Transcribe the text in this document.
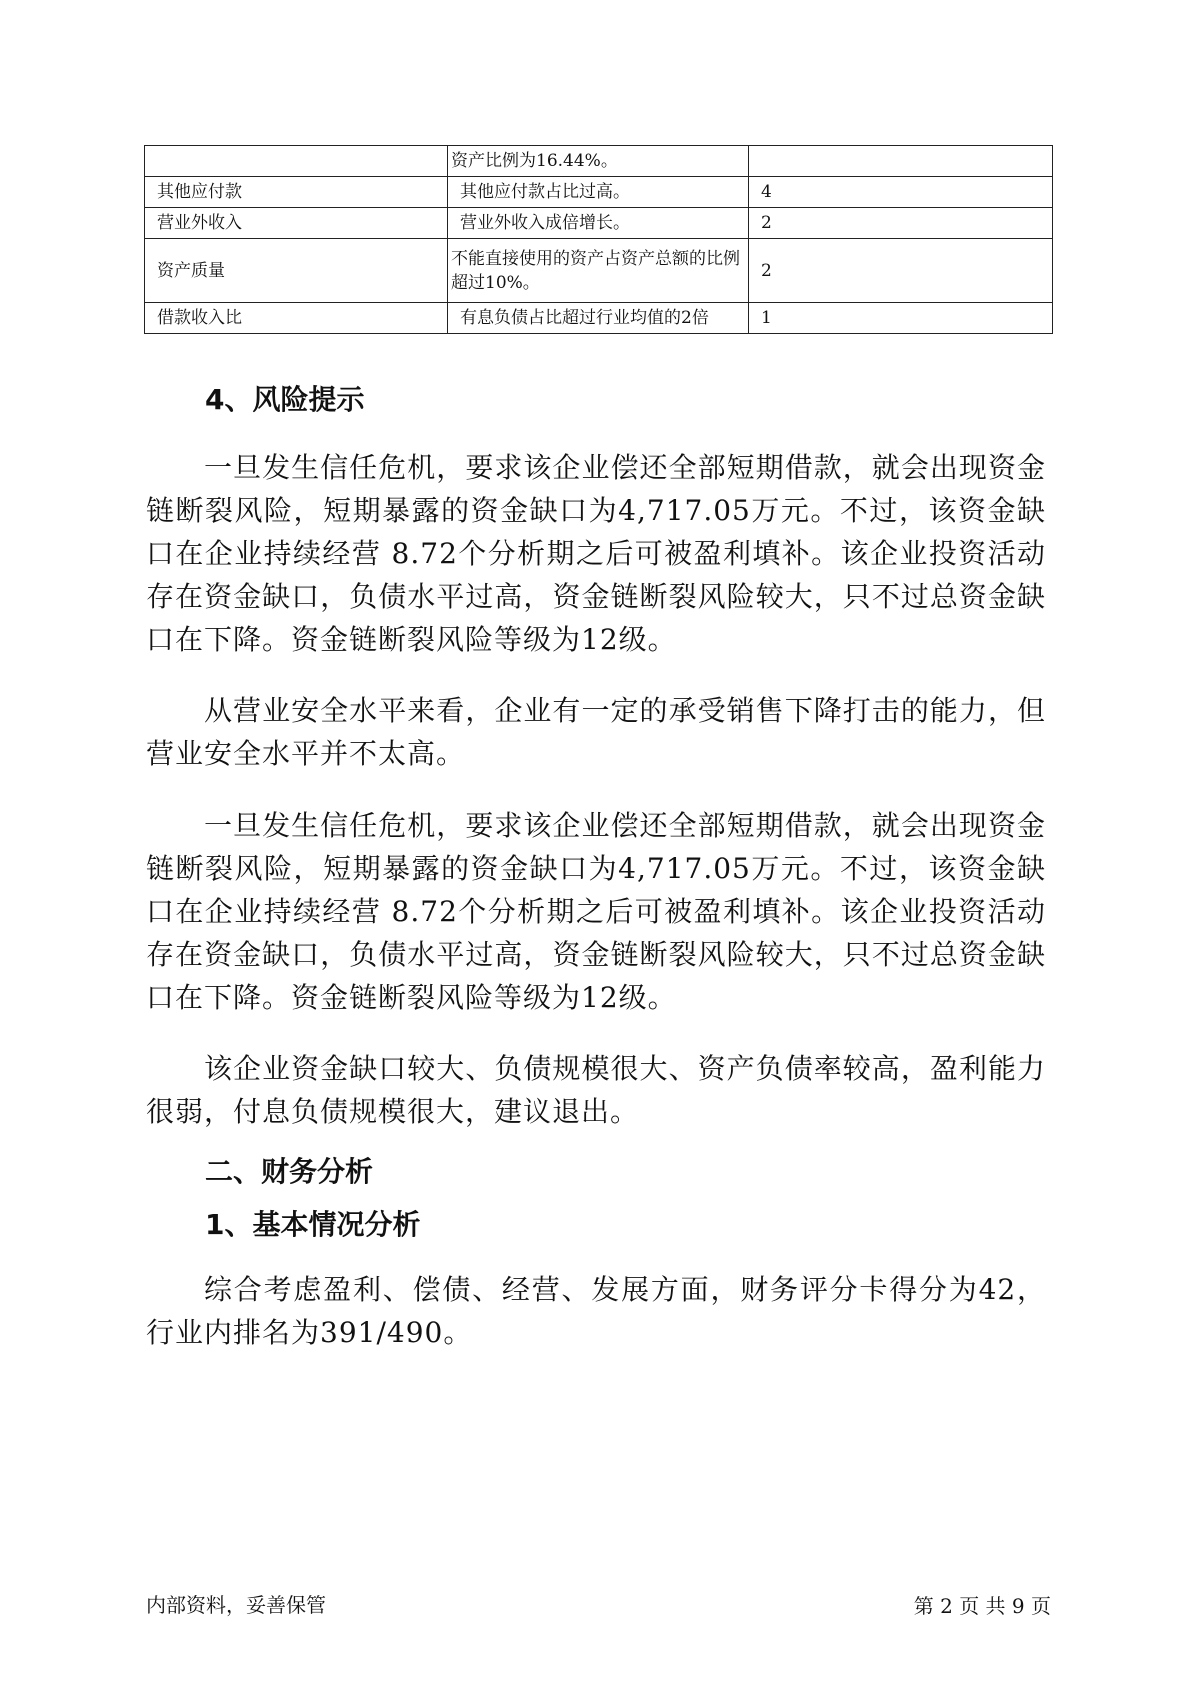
	资产比例为16.44%。	
其他应付款	其他应付款占比过高。	4
营业外收入	营业外收入成倍增长。	2
资产质量	不能直接使用的资产占资产总额的比例超过10%。	2
借款收入比	有息负债占比超过行业均值的2倍	1
4、风险提示

一旦发生信任危机，要求该企业偿还全部短期借款，就会出现资金链断裂风险，短期暴露的资金缺口为4,717.05万元。不过，该资金缺口在企业持续经营 8.72个分析期之后可被盈利填补。该企业投资活动存在资金缺口，负债水平过高，资金链断裂风险较大，只不过总资金缺口在下降。资金链断裂风险等级为12级。

从营业安全水平来看，企业有一定的承受销售下降打击的能力，但营业安全水平并不太高。

一旦发生信任危机，要求该企业偿还全部短期借款，就会出现资金链断裂风险，短期暴露的资金缺口为4,717.05万元。不过，该资金缺口在企业持续经营 8.72个分析期之后可被盈利填补。该企业投资活动存在资金缺口，负债水平过高，资金链断裂风险较大，只不过总资金缺口在下降。资金链断裂风险等级为12级。

该企业资金缺口较大、负债规模很大、资产负债率较高，盈利能力很弱，付息负债规模很大，建议退出。

二、财务分析
1、基本情况分析

综合考虑盈利、偿债、经营、发展方面，财务评分卡得分为42，行业内排名为391/490。

内部资料，妥善保管	第 2 页 共 9 页
